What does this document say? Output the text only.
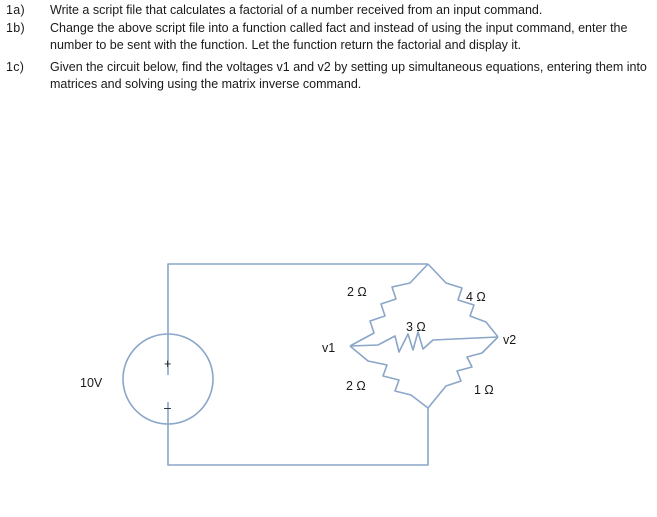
1a)	Write a script file that calculates a factorial of a number received from an input command.
1b)	Change the above script file into a function called fact and instead of using the input command, enter the number to be sent with the function. Let the function return the factorial and display it.
1c)	Given the circuit below, find the voltages v1 and v2 by setting up simultaneous equations, entering them into matrices and solving using the matrix inverse command.
+
–
10V
v1
v2
2 Ω	4 Ω
3 Ω
2 Ω	1 Ω
